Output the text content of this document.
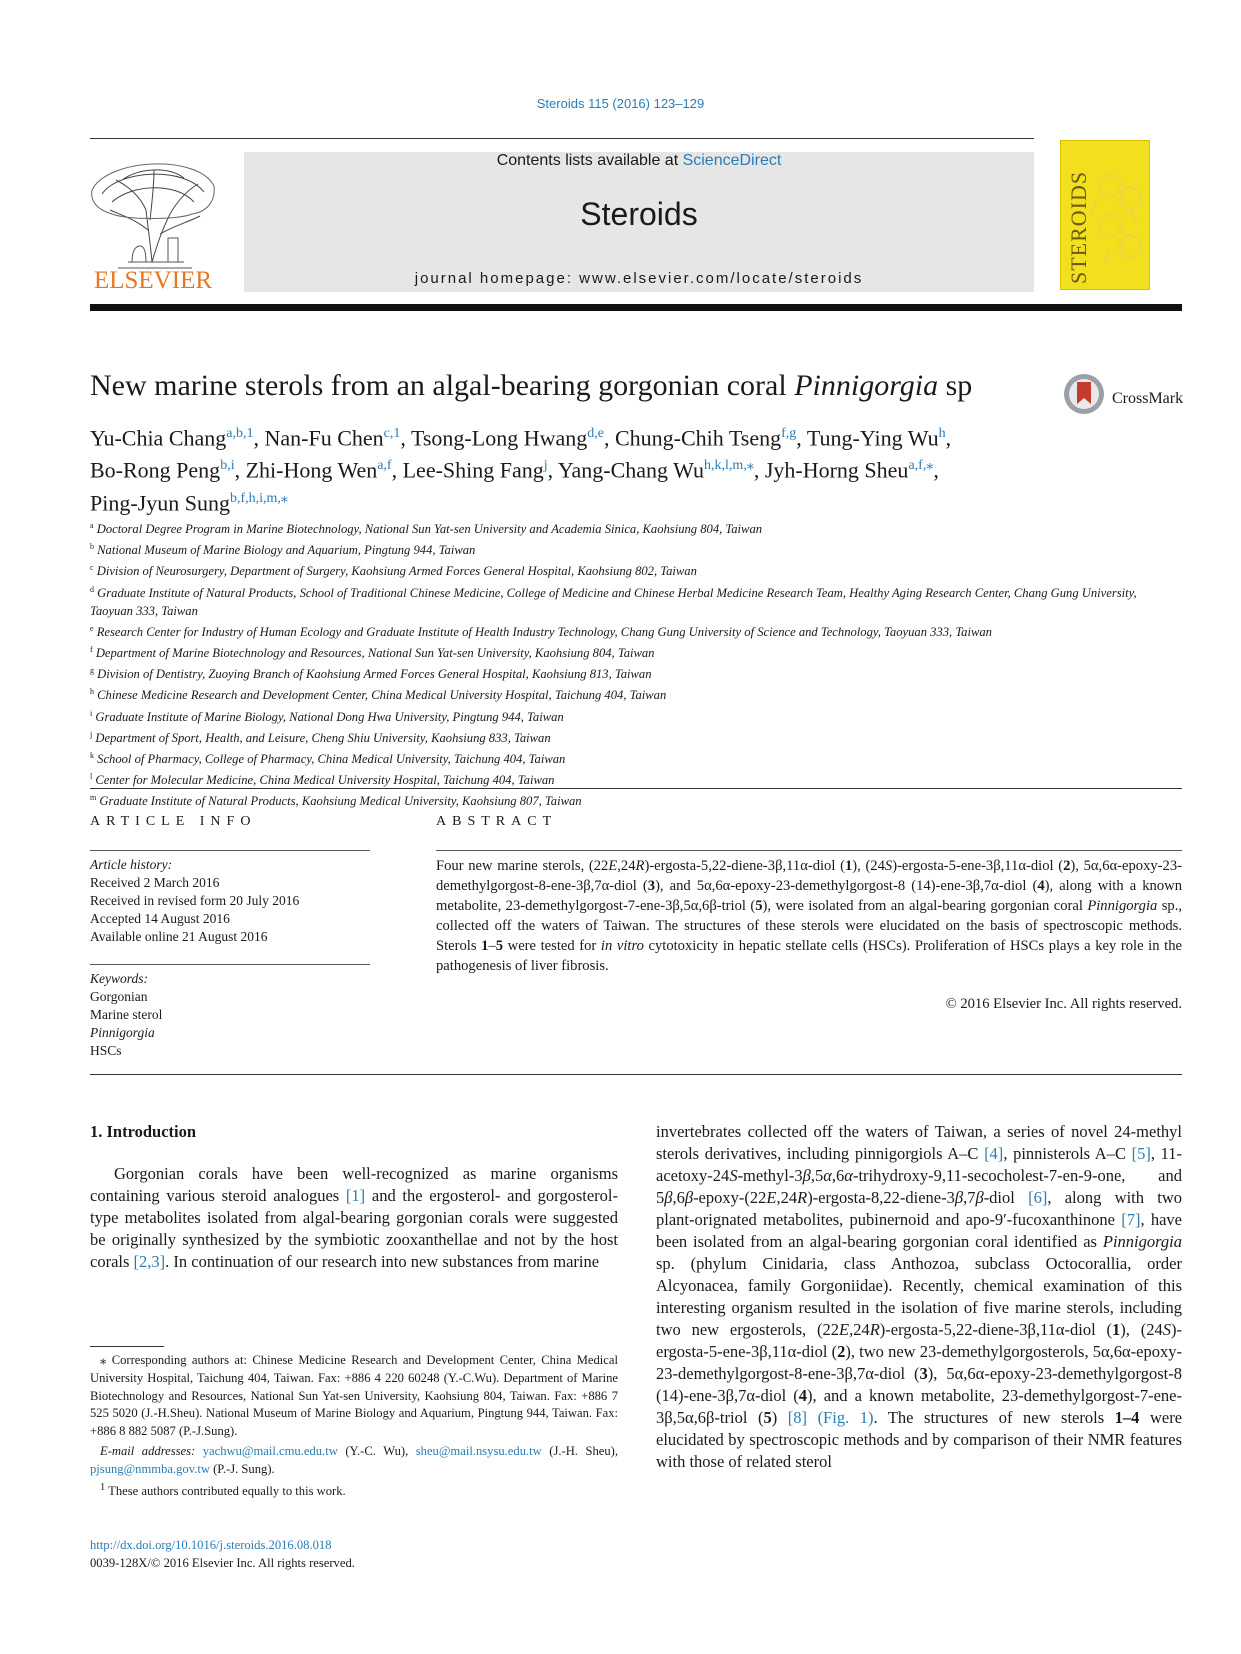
Steroids 115 (2016) 123–129
ELSEVIER
Contents lists available at ScienceDirect
Steroids
journal homepage: www.elsevier.com/locate/steroids	STEROIDS
New marine sterols from an algal-bearing gorgonian coral Pinnigorgia sp	CrossMark
Yu-Chia Chang$^{a,b,1}$, Nan-Fu Chen$^{c,1}$, Tsong-Long Hwang$^{d,e}$, Chung-Chih Tseng$^{f,g}$, Tung-Ying Wu$^h$,
Bo-Rong Peng$^{b,i}$, Zhi-Hong Wen$^{a,f}$, Lee-Shing Fang$^j$, Yang-Chang $Wu^{h,k,l,m,⁎}$, Jyh-Horng Sheu$^{a,f,⁎}$,
Ping-Jyun Sung$^{b,f,h,i,m,⁎}$
$^a$ Doctoral Degree Program in Marine Biotechnology, National Sun Yat-sen University and Academia Sinica, Kaohsiung 804, Taiwan
$^b$ National Museum of Marine Biology and Aquarium, Pingtung 944, Taiwan
$^c$ Division of Neurosurgery, Department of Surgery, Kaohsiung Armed Forces General Hospital, Kaohsiung 802, Taiwan
$^d$ Graduate Institute of Natural Products, School of Traditional Chinese Medicine, College of Medicine and Chinese Herbal Medicine Research Team, Healthy Aging Research Center, Chang Gung University, Taoyuan 333, Taiwan
$^e$ Research Center for Industry of Human Ecology and Graduate Institute of Health Industry Technology, Chang Gung University of Science and Technology, Taoyuan 333, Taiwan
$^f$ Department of Marine Biotechnology and Resources, National Sun Yat-sen University, Kaohsiung 804, Taiwan
$^g$ Division of Dentistry, Zuoying Branch of Kaohsiung Armed Forces General Hospital, Kaohsiung 813, Taiwan
$^h$ Chinese Medicine Research and Development Center, China Medical University Hospital, Taichung 404, Taiwan
$^i$ Graduate Institute of Marine Biology, National Dong Hwa University, Pingtung 944, Taiwan
$^j$ Department of Sport, Health, and Leisure, Cheng Shiu University, Kaohsiung 833, Taiwan
$^k$ School of Pharmacy, College of Pharmacy, China Medical University, Taichung 404, Taiwan
$^l$ Center for Molecular Medicine, China Medical University Hospital, Taichung 404, Taiwan
$^m$ Graduate Institute of Natural Products, Kaohsiung Medical University, Kaohsiung 807, Taiwan
ARTICLE INFO
Article history:
Received 2 March 2016
Received in revised form 20 July 2016
Accepted 14 August 2016
Available online 21 August 2016
Keywords:
Gorgonian
Marine sterol
Pinnigorgia
HSCs
ABSTRACT
Four new marine sterols, (22E,24R)-ergosta-5,22-diene-3β,11α-diol (1), (24S)-ergosta-5-ene-3β,11α-diol (2), 5α,6α-epoxy-23-demethylgorgost-8-ene-3β,7α-diol (3), and 5α,6α-epoxy-23-demethylgorgost-8 (14)-ene-3β,7α-diol (4), along with a known metabolite, 23-demethylgorgost-7-ene-3β,5α,6β-triol (5), were isolated from an algal-bearing gorgonian coral Pinnigorgia sp., collected off the waters of Taiwan. The structures of these sterols were elucidated on the basis of spectroscopic methods. Sterols 1–5 were tested for in vitro cytotoxicity in hepatic stellate cells (HSCs). Proliferation of HSCs plays a key role in the pathogenesis of liver fibrosis.
© 2016 Elsevier Inc. All rights reserved.
1. Introduction

Gorgonian corals have been well-recognized as marine organisms containing various steroid analogues [1] and the ergosterol- and gorgosterol-type metabolites isolated from algal-bearing gorgonian corals were suggested be originally synthesized by the symbiotic zooxanthellae and not by the host corals [2,3]. In continuation of our research into new substances from marine

⁎ Corresponding authors at: Chinese Medicine Research and Development Center, China Medical University Hospital, Taichung 404, Taiwan. Fax: +886 4 220 60248 (Y.-C.Wu). Department of Marine Biotechnology and Resources, National Sun Yat-sen University, Kaohsiung 804, Taiwan. Fax: +886 7 525 5020 (J.-H.Sheu). National Museum of Marine Biology and Aquarium, Pingtung 944, Taiwan. Fax: +886 8 882 5087 (P.-J.Sung).

E-mail addresses: yachwu@mail.cmu.edu.tw (Y.-C. Wu), sheu@mail.nsysu.edu.tw (J.-H. Sheu), pjsung@nmmba.gov.tw (P.-J. Sung).

$^1$ These authors contributed equally to this work.

http://dx.doi.org/10.1016/j.steroids.2016.08.018
0039-128X/© 2016 Elsevier Inc. All rights reserved.

invertebrates collected off the waters of Taiwan, a series of novel 24-methyl sterols derivatives, including pinnigorgiols A–C [4], pinnisterols A–C [5], 11-acetoxy-24S-methyl-3β,5α,6α-trihydroxy-9,11-secocholest-7-en-9-one, and 5β,6β-epoxy-(22E,24R)-ergosta-8,22-diene-3β,7β-diol [6], along with two plant-orignated metabolites, pubinernoid and apo-9′-fucoxanthinone [7], have been isolated from an algal-bearing gorgonian coral identified as Pinnigorgia sp. (phylum Cinidaria, class Anthozoa, subclass Octocorallia, order Alcyonacea, family Gorgoniidae). Recently, chemical examination of this interesting organism resulted in the isolation of five marine sterols, including two new ergosterols, (22E,24R)-ergosta-5,22-diene-3β,11α-diol (1), (24S)-ergosta-5-ene-3β,11α-diol (2), two new 23-demethylgorgosterols, 5α,6α-epoxy-23-demethylgorgost-8-ene-3β,7α-diol (3), 5α,6α-epoxy-23-demethylgorgost-8 (14)-ene-3β,7α-diol (4), and a known metabolite, 23-demethylgorgost-7-ene-3β,5α,6β-triol (5) [8] (Fig. 1). The structures of new sterols 1–4 were elucidated by spectroscopic methods and by comparison of their NMR features with those of related sterol
